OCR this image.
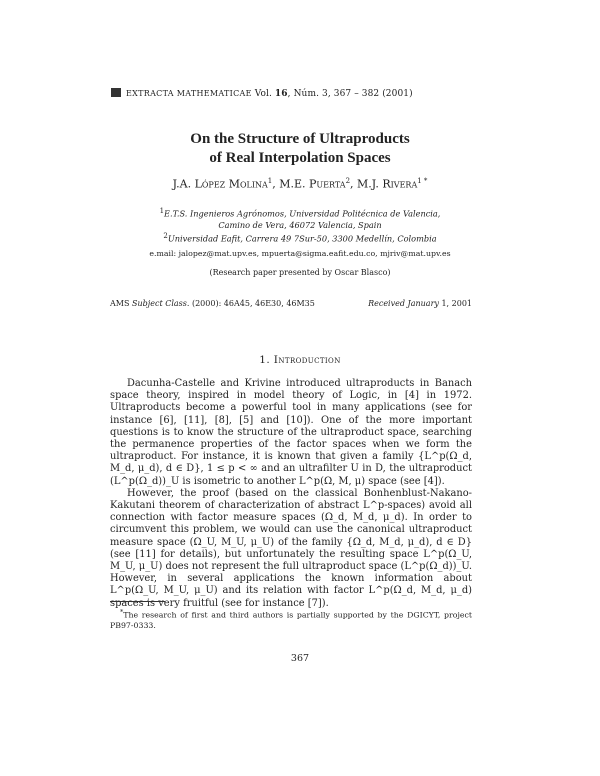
EXTRACTA MATHEMATICAE Vol. 16, Núm. 3, 367 – 382 (2001)
On the Structure of Ultraproducts
of Real Interpolation Spaces
J.A. López Molina$^1$, M.E. Puerta$^2$, M.J. Rivera$^{1 *}$
$^1$E.T.S. Ingenieros Agrónomos, Universidad Politécnica de Valencia,
Camino de Vera, 46072 Valencia, Spain
$^2$Universidad Eafit, Carrera 49 7Sur-50, 3300 Medellín, Colombia
e.mail: jalopez@mat.upv.es, mpuerta@sigma.eafit.edu.co, mjriv@mat.upv.es
(Research paper presented by Oscar Blasco)
AMS Subject Class. (2000): 46A45, 46E30, 46M35	Received January 1, 2001
1. Introduction

Dacunha-Castelle and Krivine introduced ultraproducts in Banach space theory, inspired in model theory of Logic, in [4] in 1972. Ultraproducts become a powerful tool in many applications (see for instance [6], [11], [8], [5] and [10]). One of the more important questions is to know the structure of the ultraproduct space, searching the permanence properties of the factor spaces when we form the ultraproduct. For instance, it is known that given a family {L^p(Ω_d, M_d, μ_d), d ∈ D}, 1 ≤ p < ∞ and an ultrafilter U in D, the ultraproduct (L^p(Ω_d))_U is isometric to another L^p(Ω, M, μ) space (see [4]).

However, the proof (based on the classical Bonhenblust-Nakano-Kakutani theorem of characterization of abstract L^p-spaces) avoid all connection with factor measure spaces (Ω_d, M_d, μ_d). In order to circumvent this problem, we would can use the canonical ultraproduct measure space (Ω_U, M_U, μ_U) of the family {Ω_d, M_d, μ_d), d ∈ D} (see [11] for details), but unfortunately the resulting space L^p(Ω_U, M_U, μ_U) does not represent the full ultraproduct space (L^p(Ω_d))_U. However, in several applications the known information about L^p(Ω_U, M_U, μ_U) and its relation with factor L^p(Ω_d, M_d, μ_d) spaces is very fruitful (see for instance [7]).

*The research of first and third authors is partially supported by the DGICYT, project PB97-0333.
367
